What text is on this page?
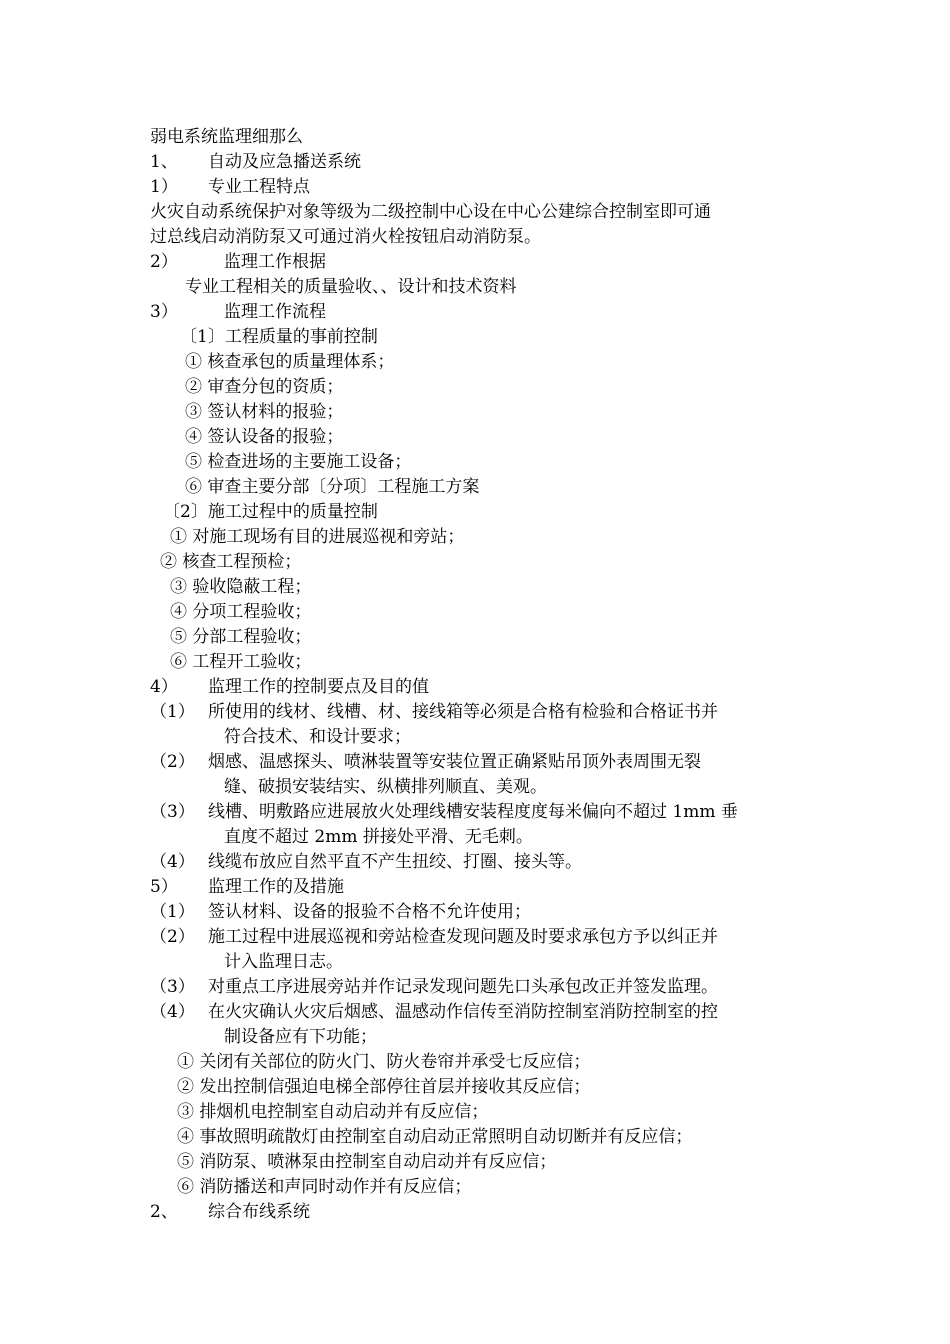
弱电系统监理细那么
1、 自动及应急播送系统
1） 专业工程特点
火灾自动系统保护对象等级为二级控制中心设在中心公建综合控制室即可通
过总线启动消防泵又可通过消火栓按钮启动消防泵。
2）	监理工作根据
专业工程相关的质量验收、、设计和技术资料
3）	监理工作流程
〔1〕工程质量的事前控制
① 核查承包的质量理体系；
② 审查分包的资质；
③ 签认材料的报验；
④ 签认设备的报验；
⑤ 检查进场的主要施工设备；
⑥ 审查主要分部〔分项〕工程施工方案
〔2〕施工过程中的质量控制
① 对施工现场有目的进展巡视和旁站；
② 核查工程预检；
③ 验收隐蔽工程；
④ 分项工程验收；
⑤ 分部工程验收；
⑥ 工程开工验收；
4） 监理工作的控制要点及目的值
（1） 所使用的线材、线槽、材、接线箱等必须是合格有检验和合格证书并
符合技术、和设计要求；
（2） 烟感、温感探头、喷淋装置等安装位置正确紧贴吊顶外表周围无裂
缝、破损安装结实、纵横排列顺直、美观。
（3） 线槽、明敷路应进展放火处理线槽安装程度度每米偏向不超过 1mm 垂
直度不超过 2mm 拼接处平滑、无毛刺。
（4） 线缆布放应自然平直不产生扭绞、打圈、接头等。
5） 监理工作的及措施
（1） 签认材料、设备的报验不合格不允许使用；
（2） 施工过程中进展巡视和旁站检查发现问题及时要求承包方予以纠正并
计入监理日志。
（3） 对重点工序进展旁站并作记录发现问题先口头承包改正并签发监理。
（4） 在火灾确认火灾后烟感、温感动作信传至消防控制室消防控制室的控
制设备应有下功能；
① 关闭有关部位的防火门、防火卷帘并承受七反应信；
② 发出控制信强迫电梯全部停往首层并接收其反应信；
③ 排烟机电控制室自动启动并有反应信；
④ 事故照明疏散灯由控制室自动启动正常照明自动切断并有反应信；
⑤ 消防泵、喷淋泵由控制室自动启动并有反应信；
⑥ 消防播送和声同时动作并有反应信；
2、 综合布线系统
